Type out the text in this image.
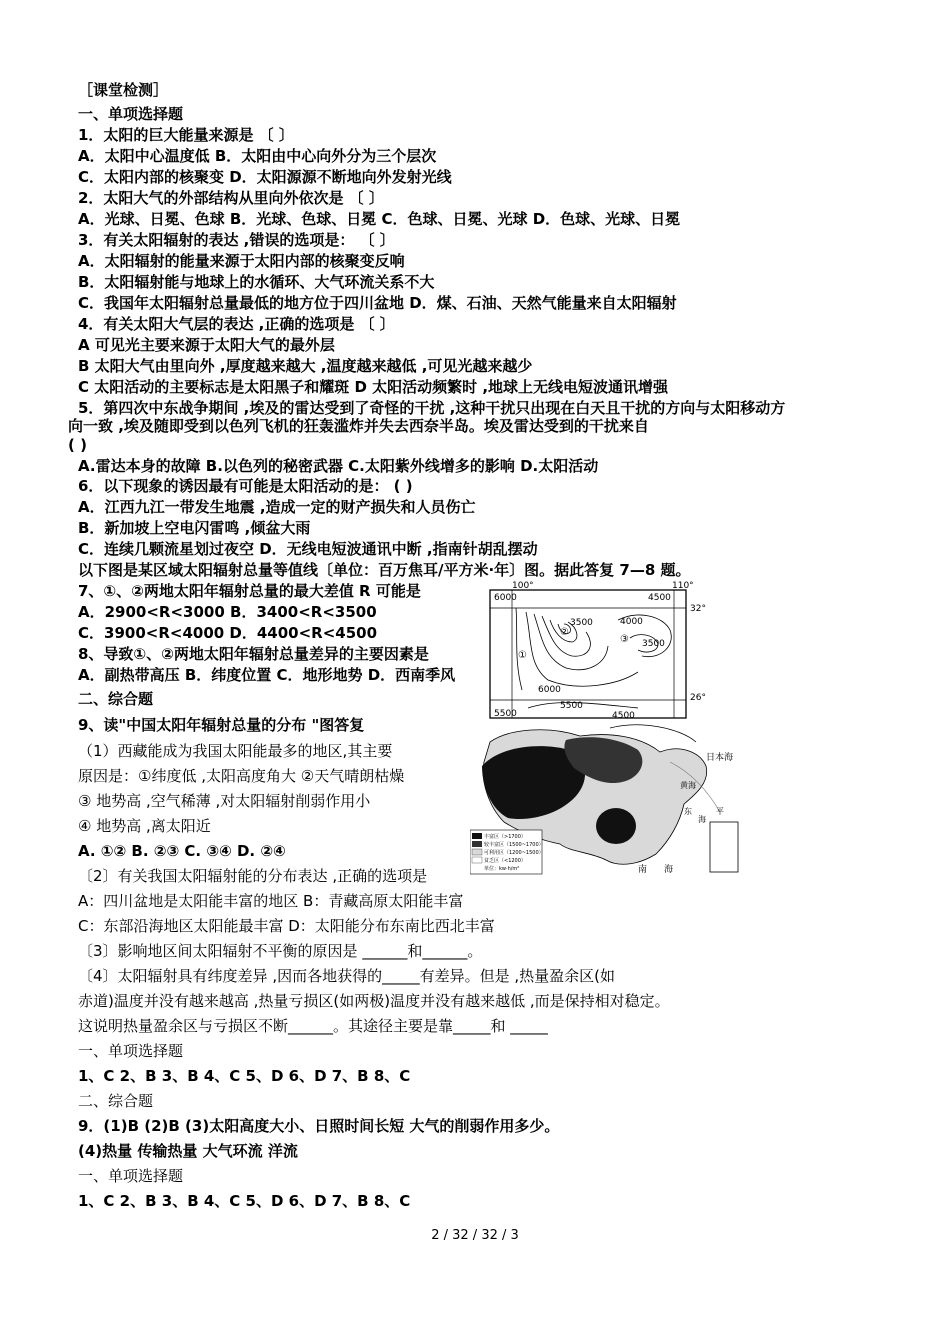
［课堂检测］
一、单项选择题
1．太阳的巨大能量来源是 〔 〕
A．太阳中心温度低 B．太阳由中心向外分为三个层次
C．太阳内部的核聚变 D．太阳源源不断地向外发射光线
2．太阳大气的外部结构从里向外依次是 〔 〕
A．光球、日冕、色球 B．光球、色球、日冕 C．色球、日冕、光球 D．色球、光球、日冕
3．有关太阳辐射的表达 ,错误的选项是： 〔 〕
A．太阳辐射的能量来源于太阳内部的核聚变反响
B．太阳辐射能与地球上的水循环、大气环流关系不大
C．我国年太阳辐射总量最低的地方位于四川盆地 D．煤、石油、天然气能量来自太阳辐射
4．有关太阳大气层的表达 ,正确的选项是 〔 〕
A 可见光主要来源于太阳大气的最外层
B 太阳大气由里向外 ,厚度越来越大 ,温度越来越低 ,可见光越来越少
C 太阳活动的主要标志是太阳黑子和耀斑 D 太阳活动频繁时 ,地球上无线电短波通讯增强
5．第四次中东战争期间 ,埃及的雷达受到了奇怪的干扰 ,这种干扰只出现在白天且干扰的方向与太阳移动方
向一致 ,埃及随即受到以色列飞机的狂轰滥炸并失去西奈半岛。埃及雷达受到的干扰来自
( )
A.雷达本身的故障 B.以色列的秘密武器 C.太阳紫外线增多的影响 D.太阳活动
6．以下现象的诱因最有可能是太阳活动的是： ( )
A．江西九江一带发生地震 ,造成一定的财产损失和人员伤亡
B．新加坡上空电闪雷鸣 ,倾盆大雨
C．连续几颗流星划过夜空 D．无线电短波通讯中断 ,指南针胡乱摆动
以下图是某区域太阳辐射总量等值线〔单位：百万焦耳/平方米·年〕图。据此答复 7—8 题。
7、①、②两地太阳年辐射总量的最大差值 R 可能是
A．2900<R<3000 B．3400<R<3500
C．3900<R<4000 D．4400<R<4500
8、导致①、②两地太阳年辐射总量差异的主要因素是
A．副热带高压 B．纬度位置 C．地形地势 D．西南季风
二、综合题
9、读"中国太阳年辐射总量的分布 "图答复
（1）西藏能成为我国太阳能最多的地区,其主要
原因是：①纬度低 ,太阳高度角大 ②天气晴朗枯燥
③ 地势高 ,空气稀薄 ,对太阳辐射削弱作用小
④ 地势高 ,离太阳近
A. ①② B. ②③ C. ③④ D. ②④
〔2〕有关我国太阳辐射能的分布表达 ,正确的选项是
A：四川盆地是太阳能丰富的地区 B：青藏高原太阳能丰富
C：东部沿海地区太阳能最丰富 D：太阳能分布东南比西北丰富
〔3〕影响地区间太阳辐射不平衡的原因是 ______和______。
〔4〕太阳辐射具有纬度差异 ,因而各地获得的_____有差异。但是 ,热量盈余区(如
赤道)温度并没有越来越高 ,热量亏损区(如两极)温度并没有越来越低 ,而是保持相对稳定。
这说明热量盈余区与亏损区不断______。其途径主要是靠_____和 _____
一、单项选择题
1、C 2、B 3、B 4、C 5、D 6、D 7、B 8、C
二、综合题
9．(1)B (2)B (3)太阳高度大小、日照时间长短 大气的削弱作用多少。
(4)热量 传输热量 大气环流 洋流
一、单项选择题
1、C 2、B 3、B 4、C 5、D 6、D 7、B 8、C
100°	110°
32°
26°
6000	4500
3500	4000
3500
6000
5500
5500	4500
①
②
③
日本海
黄海
东
海
平
南 海
丰富区（>1700）
较丰富区（1500~1700）
可利用区（1200~1500）
贫乏区（<1200）
单位：kw·h/m²
2 / 32 / 32 / 3
